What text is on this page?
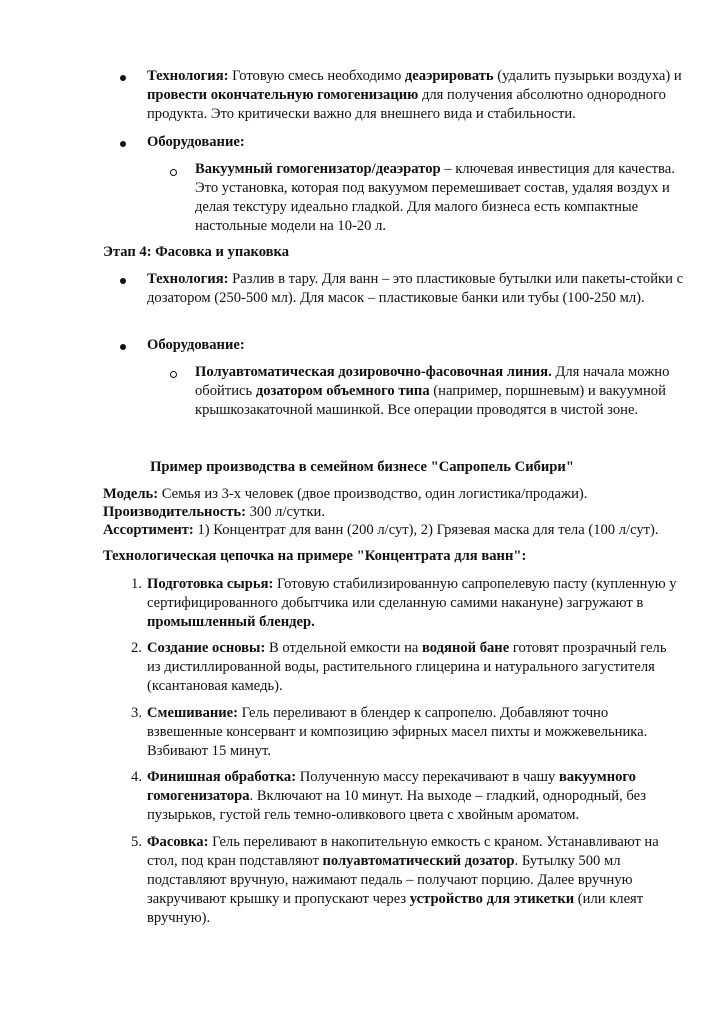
Технология: Готовую смесь необходимо деаэрировать (удалить пузырьки воздуха) и провести окончательную гомогенизацию для получения абсолютно однородного продукта. Это критически важно для внешнего вида и стабильности.
Оборудование:
Вакуумный гомогенизатор/деаэратор – ключевая инвестиция для качества. Это установка, которая под вакуумом перемешивает состав, удаляя воздух и делая текстуру идеально гладкой. Для малого бизнеса есть компактные настольные модели на 10-20 л.
Этап 4: Фасовка и упаковка
Технология: Разлив в тару. Для ванн – это пластиковые бутылки или пакеты-стойки с дозатором (250-500 мл). Для масок – пластиковые банки или тубы (100-250 мл).
Оборудование:
Полуавтоматическая дозировочно-фасовочная линия. Для начала можно обойтись дозатором объемного типа (например, поршневым) и вакуумной крышкозакаточной машинкой. Все операции проводятся в чистой зоне.
Пример производства в семейном бизнесе "Сапропель Сибири"
Модель: Семья из 3-х человек (двое производство, один логистика/продажи).
Производительность: 300 л/сутки.
Ассортимент: 1) Концентрат для ванн (200 л/сут), 2) Грязевая маска для тела (100 л/сут).
Технологическая цепочка на примере "Концентрата для ванн":
1. Подготовка сырья: Готовую стабилизированную сапропелевую пасту (купленную у сертифицированного добытчика или сделанную самими накануне) загружают в промышленный блендер.
2. Создание основы: В отдельной емкости на водяной бане готовят прозрачный гель из дистиллированной воды, растительного глицерина и натурального загустителя (ксантановая камедь).
3. Смешивание: Гель переливают в блендер к сапропелю. Добавляют точно взвешенные консервант и композицию эфирных масел пихты и можжевельника. Взбивают 15 минут.
4. Финишная обработка: Полученную массу перекачивают в чашу вакуумного гомогенизатора. Включают на 10 минут. На выходе – гладкий, однородный, без пузырьков, густой гель темно-оливкового цвета с хвойным ароматом.
5. Фасовка: Гель переливают в накопительную емкость с краном. Устанавливают на стол, под кран подставляют полуавтоматический дозатор. Бутылку 500 мл подставляют вручную, нажимают педаль – получают порцию. Далее вручную закручивают крышку и пропускают через устройство для этикетки (или клеят вручную).
